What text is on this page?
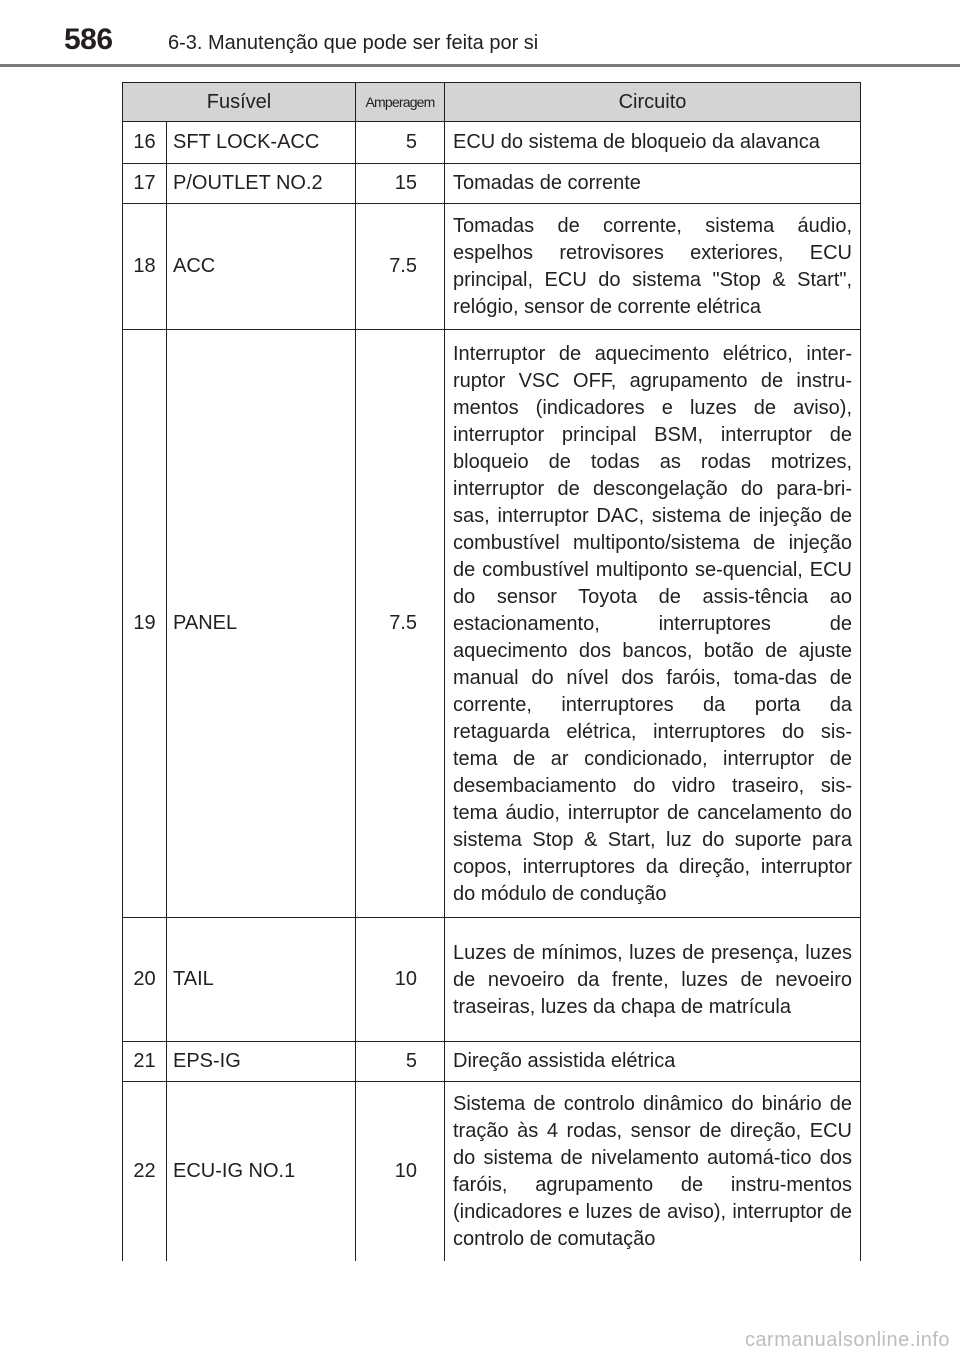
586	6-3. Manutenção que pode ser feita por si
Fusível		Amperagem	Circuito
16	SFT LOCK-ACC	5	ECU do sistema de bloqueio da alavanca
17	P/OUTLET NO.2	15	Tomadas de corrente
18	ACC	7.5	Tomadas de corrente, sistema áudio, espelhos retrovisores exteriores, ECU principal, ECU do sistema "Stop & Start", relógio, sensor de corrente elétrica
19	PANEL	7.5	Interruptor de aquecimento elétrico, inter-ruptor VSC OFF, agrupamento de instru-mentos (indicadores e luzes de aviso), interruptor principal BSM, interruptor de bloqueio de todas as rodas motrizes, interruptor de descongelação do para-bri-sas, interruptor DAC, sistema de injeção de combustível multiponto/sistema de injeção de combustível multiponto se-quencial, ECU do sensor Toyota de assis-tência ao estacionamento, interruptores de aquecimento dos bancos, botão de ajuste manual do nível dos faróis, toma-das de corrente, interruptores da porta da retaguarda elétrica, interruptores do sis-tema de ar condicionado, interruptor de desembaciamento do vidro traseiro, sis-tema áudio, interruptor de cancelamento do sistema Stop & Start, luz do suporte para copos, interruptores da direção, interruptor do módulo de condução
20	TAIL	10	Luzes de mínimos, luzes de presença, luzes de nevoeiro da frente, luzes de nevoeiro traseiras, luzes da chapa de matrícula
21	EPS-IG	5	Direção assistida elétrica
22	ECU-IG NO.1	10	Sistema de controlo dinâmico do binário de tração às 4 rodas, sensor de direção, ECU do sistema de nivelamento automá-tico dos faróis, agrupamento de instru-mentos (indicadores e luzes de aviso), interruptor de controlo de comutação
carmanualsonline.info
